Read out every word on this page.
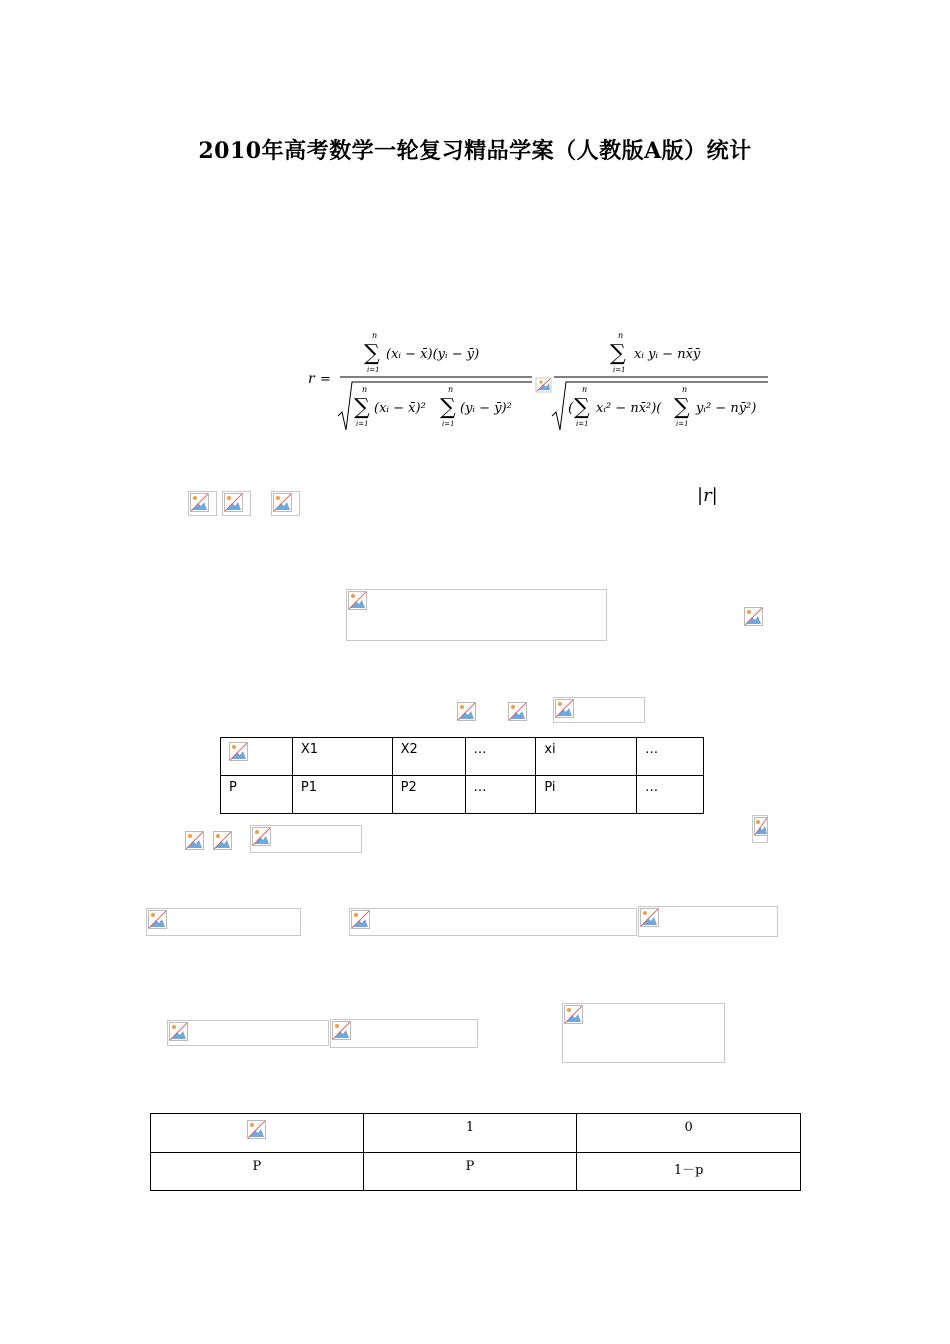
2010年高考数学一轮复习精品学案（人教版A版）统计
r =
n
∑
i=1
(xᵢ − x̄)(yᵢ − ȳ)
n
∑
i=1
(xᵢ − x̄)²
n
∑
i=1
(yᵢ − ȳ)²
n
∑
i=1
xᵢ yᵢ − nx̄ȳ
(
n
∑
i=1
xᵢ² − nx̄²)(
n
∑
i=1
yᵢ² − nȳ²)
|r|
	X1	X2	…	xi	…
P	P1	P2	…	Pi	…
	1	0
P	P	1－p
